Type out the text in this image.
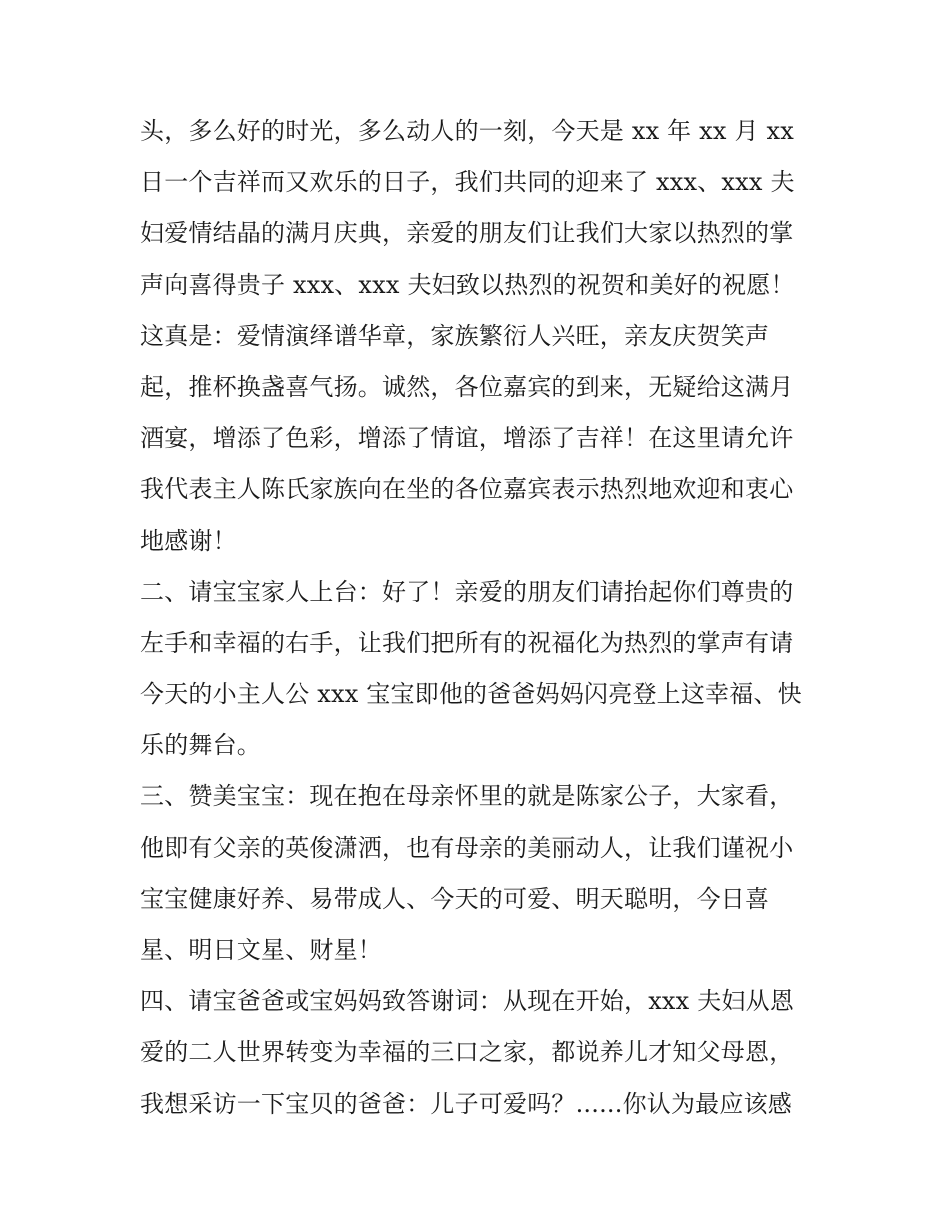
头，多么好的时光，多么动人的一刻，今天是 xx 年 xx 月 xx
日一个吉祥而又欢乐的日子，我们共同的迎来了 xxx、xxx 夫
妇爱情结晶的满月庆典，亲爱的朋友们让我们大家以热烈的掌
声向喜得贵子 xxx、xxx 夫妇致以热烈的祝贺和美好的祝愿！
这真是：爱情演绎谱华章，家族繁衍人兴旺，亲友庆贺笑声
起，推杯换盏喜气扬。诚然，各位嘉宾的到来，无疑给这满月
酒宴，增添了色彩，增添了情谊，增添了吉祥！在这里请允许
我代表主人陈氏家族向在坐的各位嘉宾表示热烈地欢迎和衷心
地感谢！
二、请宝宝家人上台：好了！亲爱的朋友们请抬起你们尊贵的
左手和幸福的右手，让我们把所有的祝福化为热烈的掌声有请
今天的小主人公 xxx 宝宝即他的爸爸妈妈闪亮登上这幸福、快
乐的舞台。
三、赞美宝宝：现在抱在母亲怀里的就是陈家公子，大家看，
他即有父亲的英俊潇洒，也有母亲的美丽动人，让我们谨祝小
宝宝健康好养、易带成人、今天的可爱、明天聪明，今日喜
星、明日文星、财星！
四、请宝爸爸或宝妈妈致答谢词：从现在开始，xxx 夫妇从恩
爱的二人世界转变为幸福的三口之家，都说养儿才知父母恩，
我想采访一下宝贝的爸爸：儿子可爱吗？......你认为最应该感
